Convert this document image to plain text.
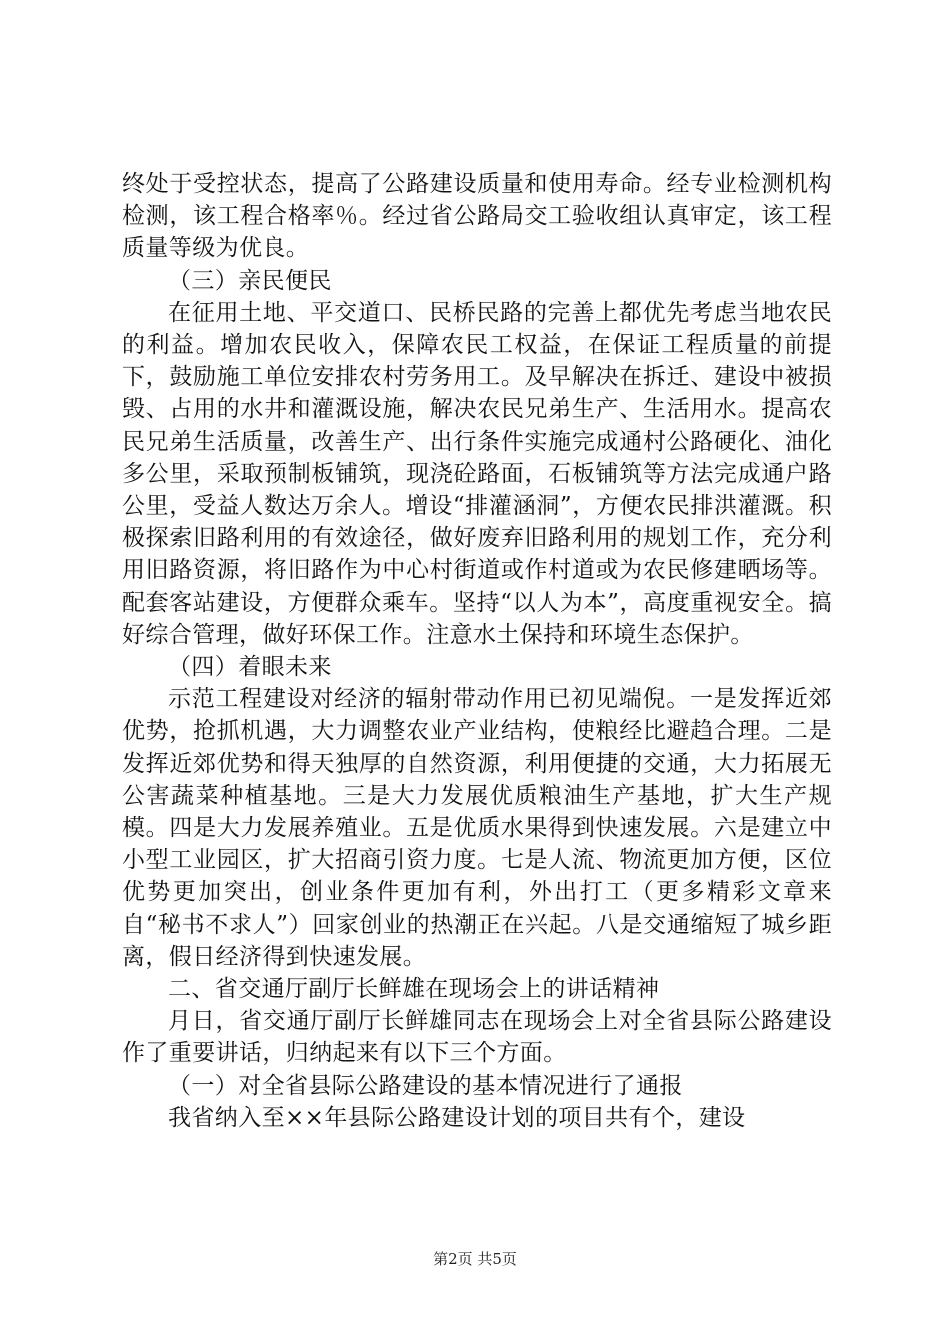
终处于受控状态，提高了公路建设质量和使用寿命。经专业检测机构检测，该工程合格率％。经过省公路局交工验收组认真审定，该工程质量等级为优良。

（三）亲民便民

在征用土地、平交道口、民桥民路的完善上都优先考虑当地农民的利益。增加农民收入，保障农民工权益，在保证工程质量的前提下，鼓励施工单位安排农村劳务用工。及早解决在拆迁、建设中被损毁、占用的水井和灌溉设施，解决农民兄弟生产、生活用水。提高农民兄弟生活质量，改善生产、出行条件实施完成通村公路硬化、油化多公里，采取预制板铺筑，现浇砼路面，石板铺筑等方法完成通户路公里，受益人数达万余人。增设“排灌涵洞”，方便农民排洪灌溉。积极探索旧路利用的有效途径，做好废弃旧路利用的规划工作，充分利用旧路资源，将旧路作为中心村街道或作村道或为农民修建晒场等。配套客站建设，方便群众乘车。坚持“以人为本”，高度重视安全。搞好综合管理，做好环保工作。注意水土保持和环境生态保护。

（四）着眼未来

示范工程建设对经济的辐射带动作用已初见端倪。一是发挥近郊优势，抢抓机遇，大力调整农业产业结构，使粮经比避趋合理。二是发挥近郊优势和得天独厚的自然资源，利用便捷的交通，大力拓展无公害蔬菜种植基地。三是大力发展优质粮油生产基地，扩大生产规模。四是大力发展养殖业。五是优质水果得到快速发展。六是建立中小型工业园区，扩大招商引资力度。七是人流、物流更加方便，区位优势更加突出，创业条件更加有利，外出打工（更多精彩文章来自“秘书不求人”）回家创业的热潮正在兴起。八是交通缩短了城乡距离，假日经济得到快速发展。

二、省交通厅副厅长鲜雄在现场会上的讲话精神

月日，省交通厅副厅长鲜雄同志在现场会上对全省县际公路建设作了重要讲话，归纳起来有以下三个方面。

（一）对全省县际公路建设的基本情况进行了通报

我省纳入至××年县际公路建设计划的项目共有个，建设

第2页 共5页
